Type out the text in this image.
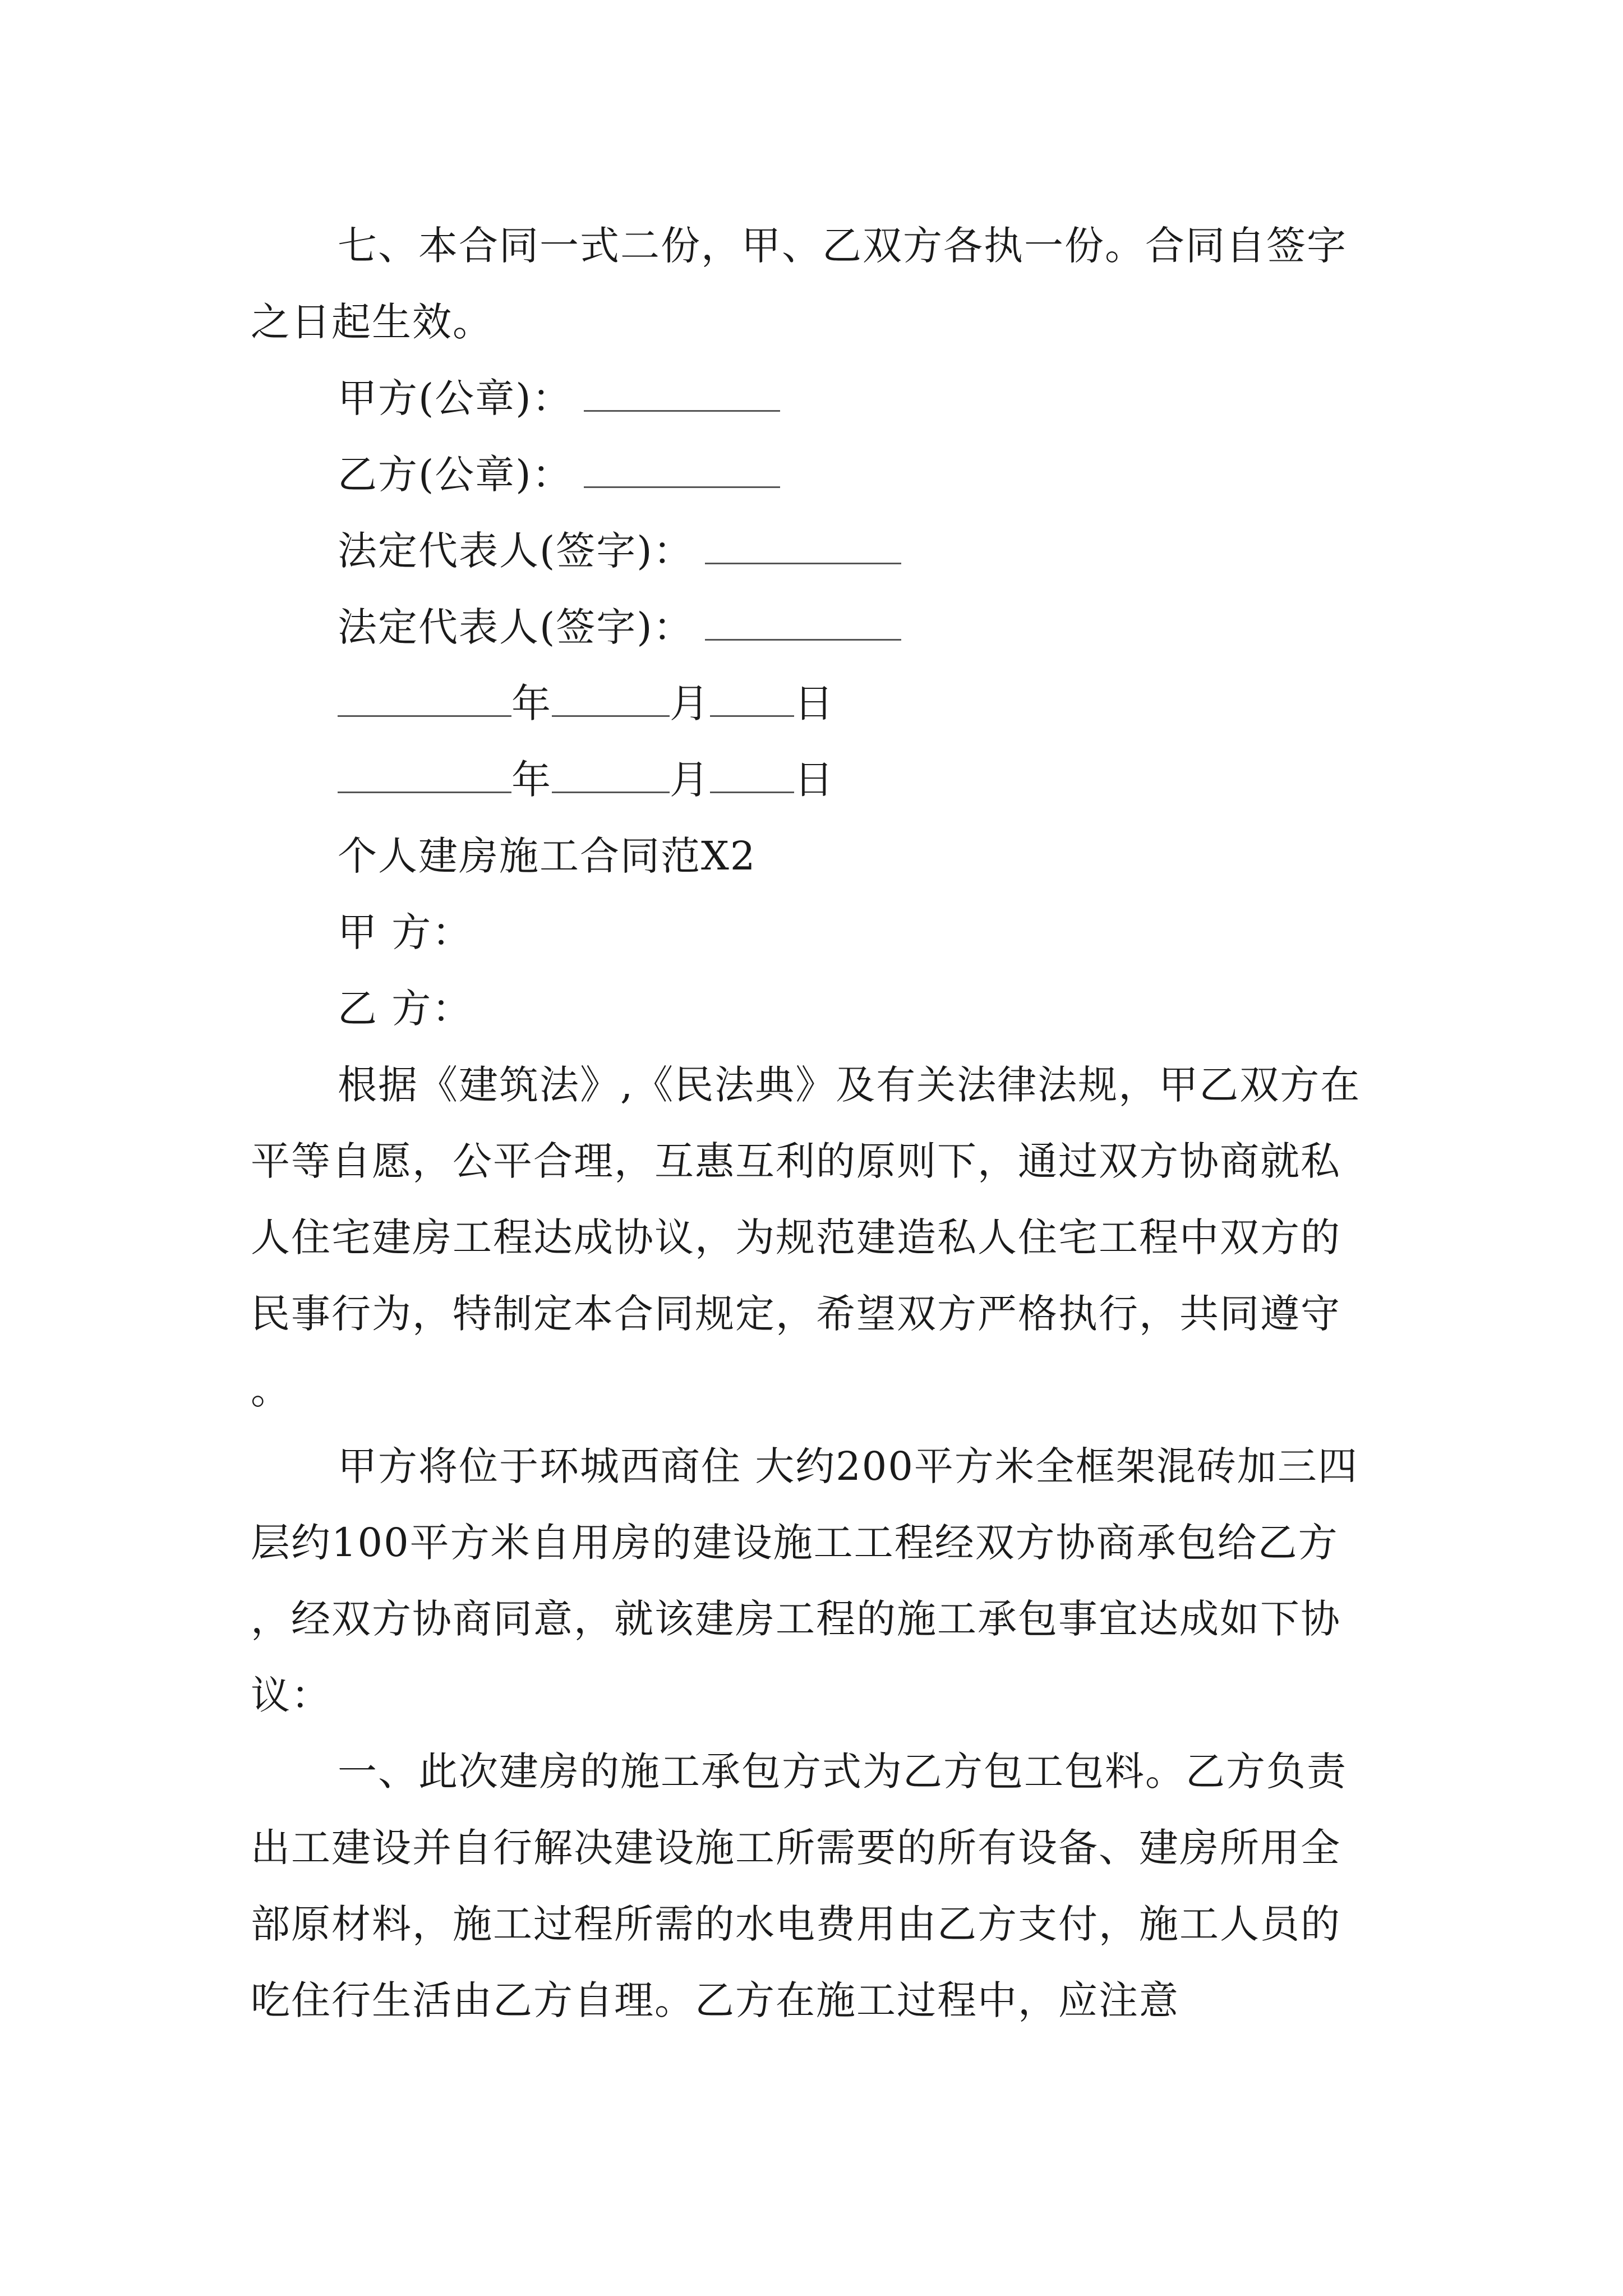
七、本合同一式二份，甲、乙双方各执一份。合同自签字之日起生效。

甲方(公章)：
乙方(公章)：
法定代表人(签字)：
法定代表人(签字)：
年	月 日
年	月 日
个人建房施工合同范X2
甲 方：
乙 方：

根据《建筑法》,《民法典》及有关法律法规，甲乙双方在平等自愿，公平合理，互惠互利的原则下，通过双方协商就私人住宅建房工程达成协议，为规范建造私人住宅工程中双方的民事行为，特制定本合同规定，希望双方严格执行，共同遵守。

甲方将位于环城西商住 大约200平方米全框架混砖加三四层约100平方米自用房的建设施工工程经双方协商承包给乙方，经双方协商同意，就该建房工程的施工承包事宜达成如下协议：

一、此次建房的施工承包方式为乙方包工包料。乙方负责出工建设并自行解决建设施工所需要的所有设备、建房所用全部原材料，施工过程所需的水电费用由乙方支付，施工人员的吃住行生活由乙方自理。乙方在施工过程中，应注意
